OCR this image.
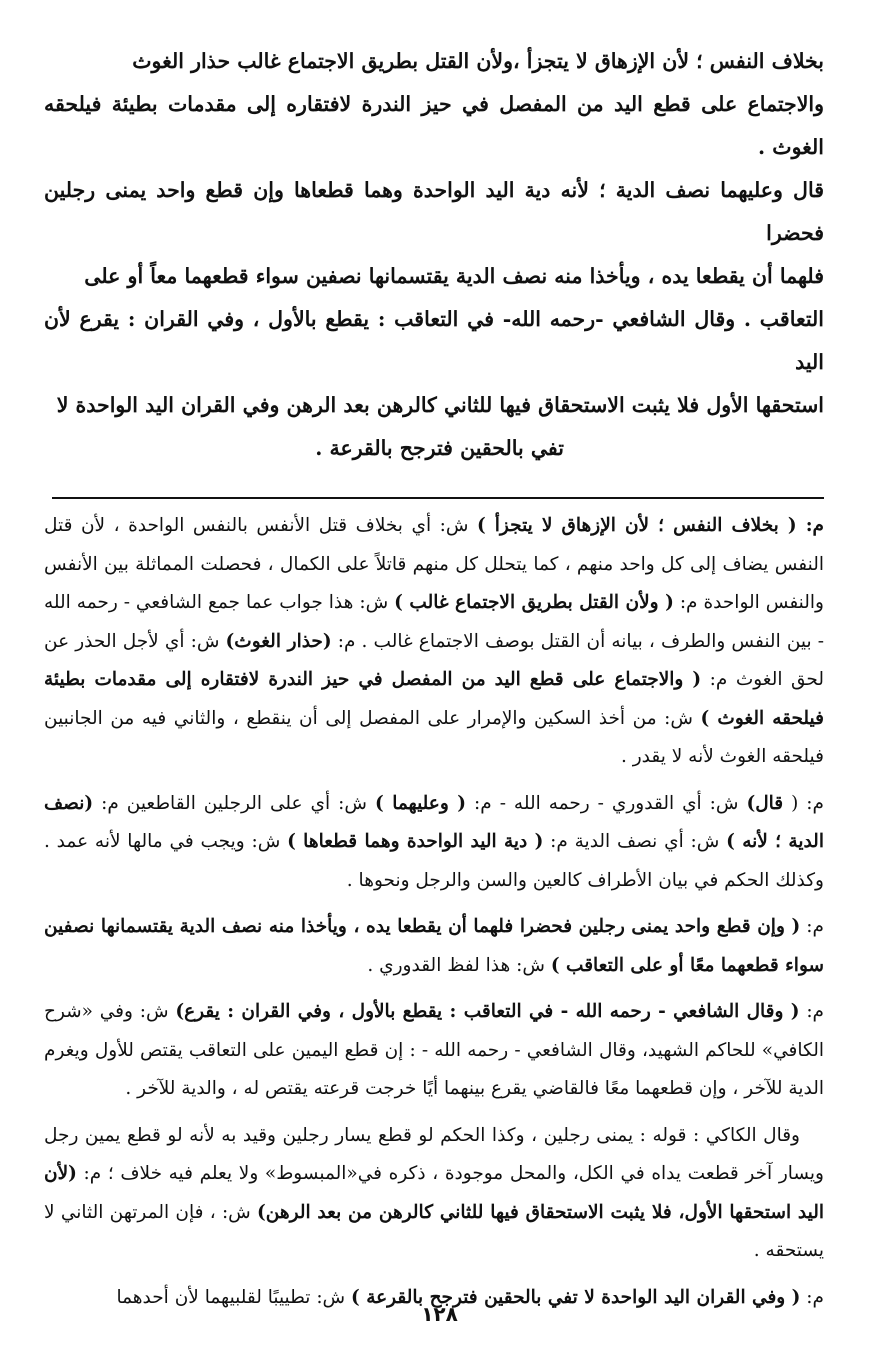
بخلاف النفس ؛ لأن الإزهاق لا يتجزأ ،ولأن القتل بطريق الاجتماع غالب حذار الغوث

والاجتماع على قطع اليد من المفصل في حيز الندرة لافتقاره إلى مقدمات بطيئة فيلحقه الغوث .

قال وعليهما نصف الدية ؛ لأنه دية اليد الواحدة وهما قطعاها وإن قطع واحد يمنى رجلين فحضرا

فلهما أن يقطعا يده ، ويأخذا منه نصف الدية يقتسمانها نصفين سواء قطعهما معاً أو على

التعاقب . وقال الشافعي -رحمه الله- في التعاقب : يقطع بالأول ، وفي القران : يقرع لأن اليد

استحقها الأول فلا يثبت الاستحقاق فيها للثاني كالرهن بعد الرهن وفي القران اليد الواحدة لا

تفي بالحقين فترجح بالقرعة .

م: ( بخلاف النفس ؛ لأن الإزهاق لا يتجزأ ) ش: أي بخلاف قتل الأنفس بالنفس الواحدة ، لأن قتل النفس يضاف إلى كل واحد منهم ، كما يتحلل كل منهم قاتلاً على الكمال ، فحصلت المماثلة بين الأنفس والنفس الواحدة م: ( ولأن القتل بطريق الاجتماع غالب ) ش: هذا جواب عما جمع الشافعي - رحمه الله - بين النفس والطرف ، بيانه أن القتل بوصف الاجتماع غالب . م: (حذار الغوث) ش: أي لأجل الحذر عن لحق الغوث م: ( والاجتماع على قطع اليد من المفصل في حيز الندرة لافتقاره إلى مقدمات بطيئة فيلحقه الغوث ) ش: من أخذ السكين والإمرار على المفصل إلى أن ينقطع ، والثاني فيه من الجانبين فيلحقه الغوث لأنه لا يقدر .

م: ( قال) ش: أي القدوري - رحمه الله - م: ( وعليهما ) ش: أي على الرجلين القاطعين م: (نصف الدية ؛ لأنه ) ش: أي نصف الدية م: ( دية اليد الواحدة وهما قطعاها ) ش: ويجب في مالها لأنه عمد . وكذلك الحكم في بيان الأطراف كالعين والسن والرجل ونحوها .

م: ( وإن قطع واحد يمنى رجلين فحضرا فلهما أن يقطعا يده ، ويأخذا منه نصف الدية يقتسمانها نصفين سواء قطعهما معًا أو على التعاقب ) ش: هذا لفظ القدوري .

م: ( وقال الشافعي - رحمه الله - في التعاقب : يقطع بالأول ، وفي القران : يقرع) ش: وفي «شرح الكافي» للحاكم الشهيد، وقال الشافعي - رحمه الله - : إن قطع اليمين على التعاقب يقتص للأول ويغرم الدية للآخر ، وإن قطعهما معًا فالقاضي يقرع بينهما أيًا خرجت قرعته يقتص له ، والدية للآخر .

وقال الكاكي : قوله : يمنى رجلين ، وكذا الحكم لو قطع يسار رجلين وقيد به لأنه لو قطع يمين رجل ويسار آخر قطعت يداه في الكل، والمحل موجودة ، ذكره في«المبسوط» ولا يعلم فيه خلاف ؛ م: (لأن اليد استحقها الأول، فلا يثبت الاستحقاق فيها للثاني كالرهن من بعد الرهن) ش: ، فإن المرتهن الثاني لا يستحقه .

م: ( وفي القران اليد الواحدة لا تفي بالحقين فترجح بالقرعة ) ش: تطييبًا لقلبيهما لأن أحدهما

١٢٨
